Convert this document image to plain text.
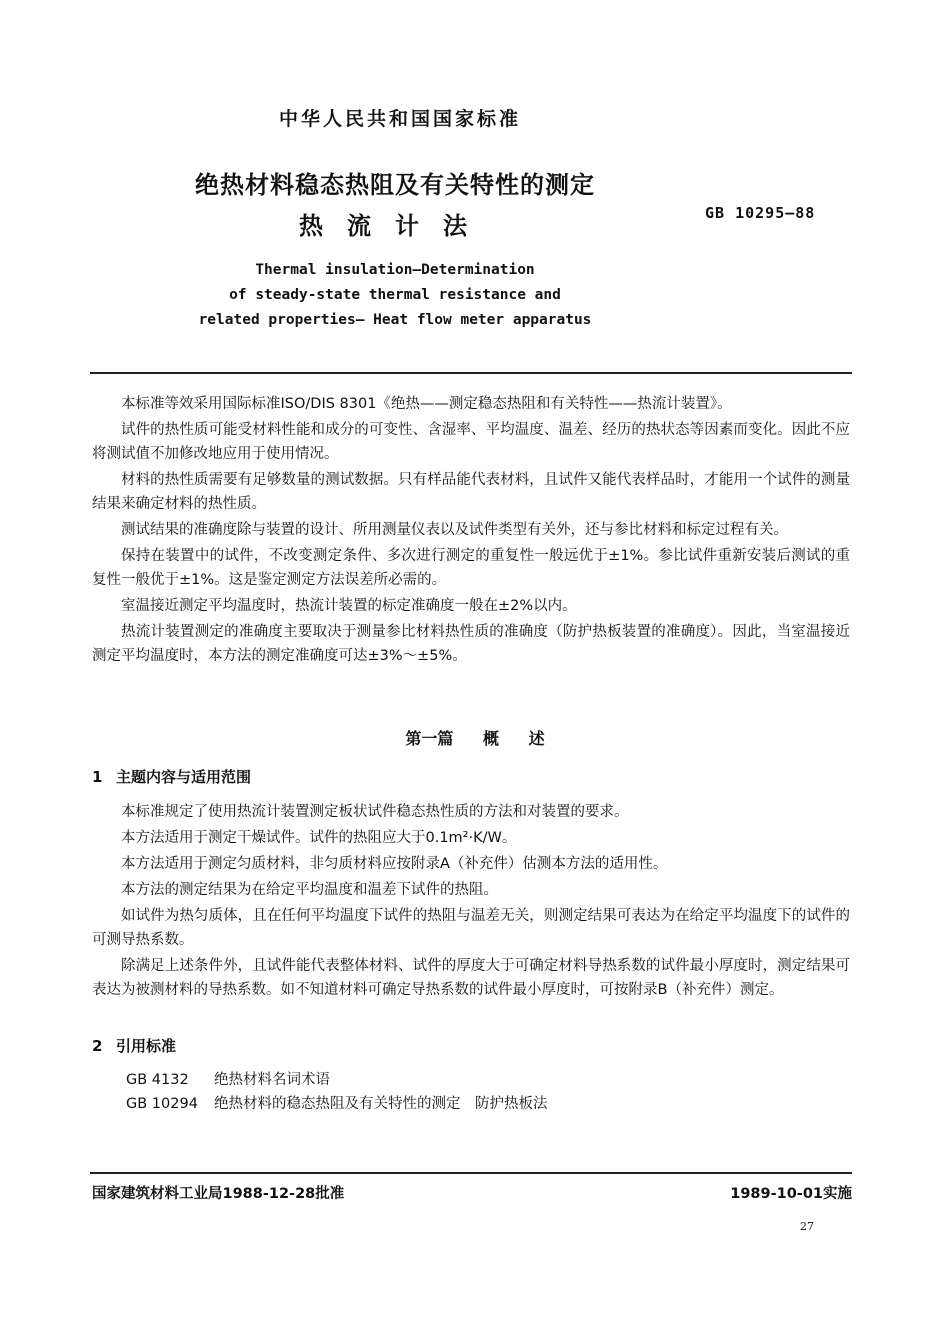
中华人民共和国国家标准
绝热材料稳态热阻及有关特性的测定
热流计法	GB 10295—88
Thermal insulation—Determination
of steady-state thermal resistance and
related properties— Heat flow meter apparatus

本标准等效采用国际标准ISO/DIS 8301《绝热——测定稳态热阻和有关特性——热流计装置》。

试件的热性质可能受材料性能和成分的可变性、含湿率、平均温度、温差、经历的热状态等因素而变化。因此不应将测试值不加修改地应用于使用情况。

材料的热性质需要有足够数量的测试数据。只有样品能代表材料，且试件又能代表样品时，才能用一个试件的测量结果来确定材料的热性质。

测试结果的准确度除与装置的设计、所用测量仪表以及试件类型有关外，还与参比材料和标定过程有关。

保持在装置中的试件，不改变测定条件、多次进行测定的重复性一般远优于±1%。参比试件重新安装后测试的重复性一般优于±1%。这是鉴定测定方法误差所必需的。

室温接近测定平均温度时，热流计装置的标定准确度一般在±2%以内。

热流计装置测定的准确度主要取决于测量参比材料热性质的准确度（防护热板装置的准确度）。因此，当室温接近测定平均温度时，本方法的测定准确度可达±3%～±5%。

第一篇 概 述
1 主题内容与适用范围

本标准规定了使用热流计装置测定板状试件稳态热性质的方法和对装置的要求。

本方法适用于测定干燥试件。试件的热阻应大于0.1m²·K/W。

本方法适用于测定匀质材料，非匀质材料应按附录A（补充件）估测本方法的适用性。

本方法的测定结果为在给定平均温度和温差下试件的热阻。

如试件为热匀质体，且在任何平均温度下试件的热阻与温差无关，则测定结果可表达为在给定平均温度下的试件的可测导热系数。

除满足上述条件外，且试件能代表整体材料、试件的厚度大于可确定材料导热系数的试件最小厚度时，测定结果可表达为被测材料的导热系数。如不知道材料可确定导热系数的试件最小厚度时，可按附录B（补充件）测定。

2 引用标准
GB 4132 绝热材料名词术语
GB 10294 绝热材料的稳态热阻及有关特性的测定　防护热板法
国家建筑材料工业局1988-12-28批准	1989-10-01实施
27
